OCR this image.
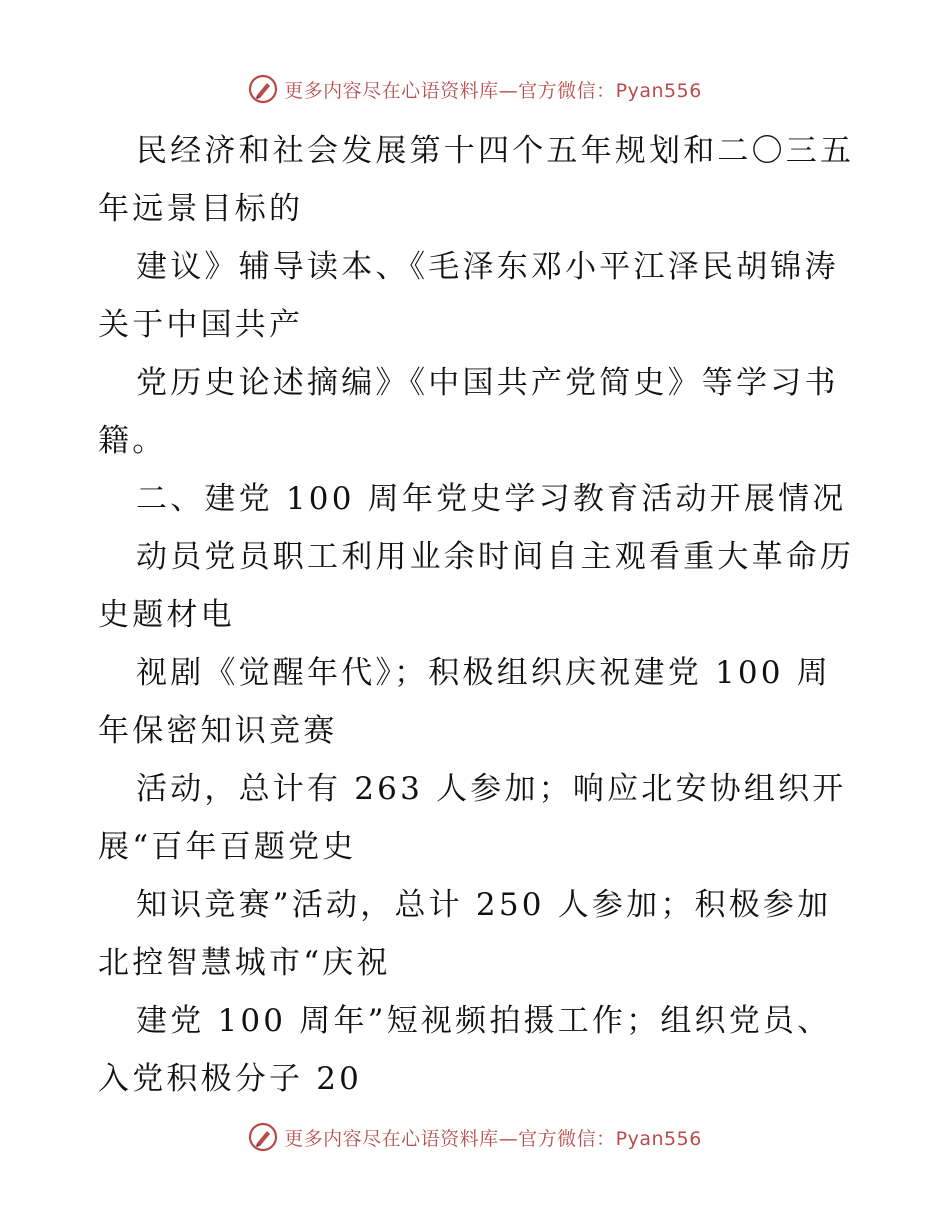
更多内容尽在心语资料库—官方微信：Pyan556
民经济和社会发展第十四个五年规划和二〇三五
年远景目标的
建议》辅导读本、《毛泽东邓小平江泽民胡锦涛
关于中国共产
党历史论述摘编》《中国共产党简史》等学习书
籍。
二、建党 100 周年党史学习教育活动开展情况
动员党员职工利用业余时间自主观看重大革命历
史题材电
视剧《觉醒年代》；积极组织庆祝建党 100 周
年保密知识竞赛
活动，总计有 263 人参加；响应北安协组织开
展“百年百题党史
知识竞赛”活动，总计 250 人参加；积极参加
北控智慧城市“庆祝
建党 100 周年”短视频拍摄工作；组织党员、
入党积极分子 20
更多内容尽在心语资料库—官方微信：Pyan556
